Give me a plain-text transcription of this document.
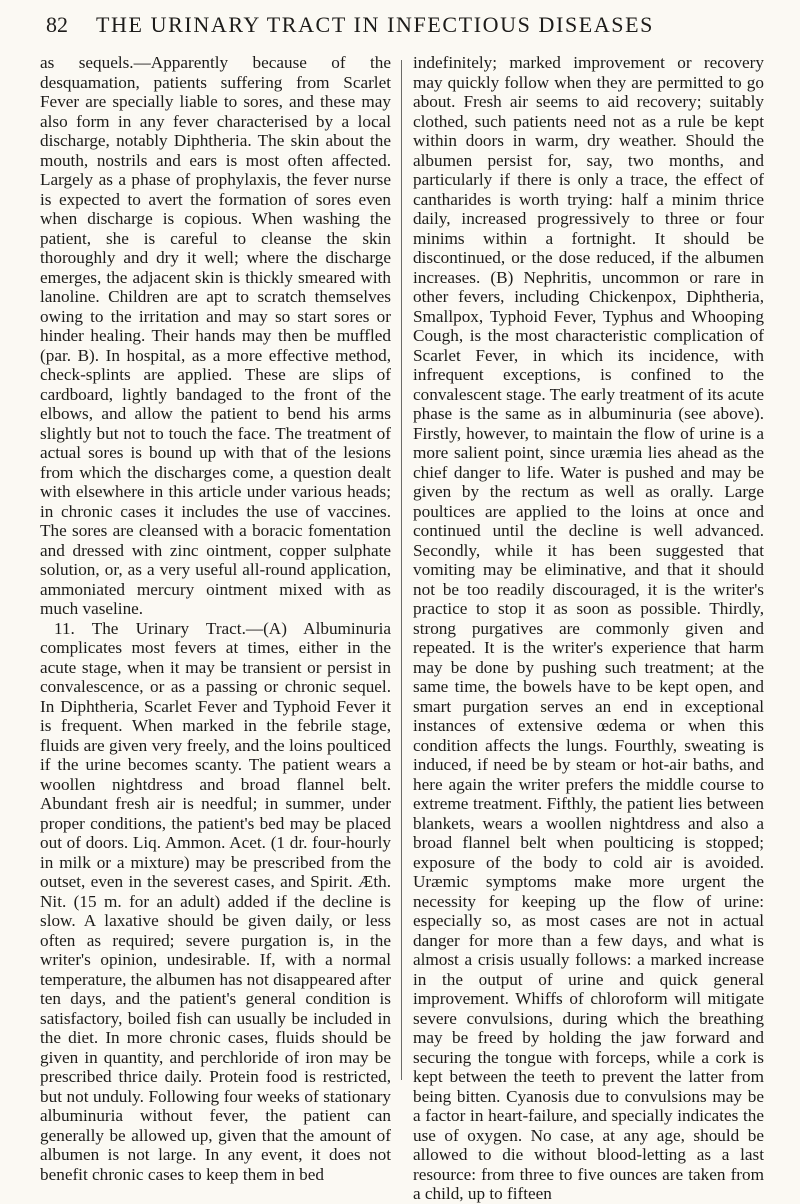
82 THE URINARY TRACT IN INFECTIOUS DISEASES

as sequels.—Apparently because of the desquamation, patients suffering from Scarlet Fever are specially liable to sores, and these may also form in any fever characterised by a local discharge, notably Diphtheria. The skin about the mouth, nostrils and ears is most often affected. Largely as a phase of prophylaxis, the fever nurse is expected to avert the formation of sores even when discharge is copious. When washing the patient, she is careful to cleanse the skin thoroughly and dry it well; where the discharge emerges, the adjacent skin is thickly smeared with lanoline. Children are apt to scratch themselves owing to the irritation and may so start sores or hinder healing. Their hands may then be muffled (par. B). In hospital, as a more effective method, check-splints are applied. These are slips of cardboard, lightly bandaged to the front of the elbows, and allow the patient to bend his arms slightly but not to touch the face. The treatment of actual sores is bound up with that of the lesions from which the discharges come, a question dealt with elsewhere in this article under various heads; in chronic cases it includes the use of vaccines. The sores are cleansed with a boracic fomentation and dressed with zinc ointment, copper sulphate solution, or, as a very useful all-round application, ammoniated mercury ointment mixed with as much vaseline.

11. The Urinary Tract.—(A) Albuminuria complicates most fevers at times, either in the acute stage, when it may be transient or persist in convalescence, or as a passing or chronic sequel. In Diphtheria, Scarlet Fever and Typhoid Fever it is frequent. When marked in the febrile stage, fluids are given very freely, and the loins poulticed if the urine becomes scanty. The patient wears a woollen nightdress and broad flannel belt. Abundant fresh air is needful; in summer, under proper conditions, the patient's bed may be placed out of doors. Liq. Ammon. Acet. (1 dr. four-hourly in milk or a mixture) may be prescribed from the outset, even in the severest cases, and Spirit. Æth. Nit. (15 m. for an adult) added if the decline is slow. A laxative should be given daily, or less often as required; severe purgation is, in the writer's opinion, undesirable. If, with a normal temperature, the albumen has not disappeared after ten days, and the patient's general condition is satisfactory, boiled fish can usually be included in the diet. In more chronic cases, fluids should be given in quantity, and perchloride of iron may be prescribed thrice daily. Protein food is restricted, but not unduly. Following four weeks of stationary albuminuria without fever, the patient can generally be allowed up, given that the amount of albumen is not large. In any event, it does not benefit chronic cases to keep them in bed

indefinitely; marked improvement or recovery may quickly follow when they are permitted to go about. Fresh air seems to aid recovery; suitably clothed, such patients need not as a rule be kept within doors in warm, dry weather. Should the albumen persist for, say, two months, and particularly if there is only a trace, the effect of cantharides is worth trying: half a minim thrice daily, increased progressively to three or four minims within a fortnight. It should be discontinued, or the dose reduced, if the albumen increases. (B) Nephritis, uncommon or rare in other fevers, including Chickenpox, Diphtheria, Smallpox, Typhoid Fever, Typhus and Whooping Cough, is the most characteristic complication of Scarlet Fever, in which its incidence, with infrequent exceptions, is confined to the convalescent stage. The early treatment of its acute phase is the same as in albuminuria (see above). Firstly, however, to maintain the flow of urine is a more salient point, since uræmia lies ahead as the chief danger to life. Water is pushed and may be given by the rectum as well as orally. Large poultices are applied to the loins at once and continued until the decline is well advanced. Secondly, while it has been suggested that vomiting may be eliminative, and that it should not be too readily discouraged, it is the writer's practice to stop it as soon as possible. Thirdly, strong purgatives are commonly given and repeated. It is the writer's experience that harm may be done by pushing such treatment; at the same time, the bowels have to be kept open, and smart purgation serves an end in exceptional instances of extensive œdema or when this condition affects the lungs. Fourthly, sweating is induced, if need be by steam or hot-air baths, and here again the writer prefers the middle course to extreme treatment. Fifthly, the patient lies between blankets, wears a woollen nightdress and also a broad flannel belt when poulticing is stopped; exposure of the body to cold air is avoided. Uræmic symptoms make more urgent the necessity for keeping up the flow of urine: especially so, as most cases are not in actual danger for more than a few days, and what is almost a crisis usually follows: a marked increase in the output of urine and quick general improvement. Whiffs of chloroform will mitigate severe convulsions, during which the breathing may be freed by holding the jaw forward and securing the tongue with forceps, while a cork is kept between the teeth to prevent the latter from being bitten. Cyanosis due to convulsions may be a factor in heart-failure, and specially indicates the use of oxygen. No case, at any age, should be allowed to die without blood-letting as a last resource: from three to five ounces are taken from a child, up to fifteen
